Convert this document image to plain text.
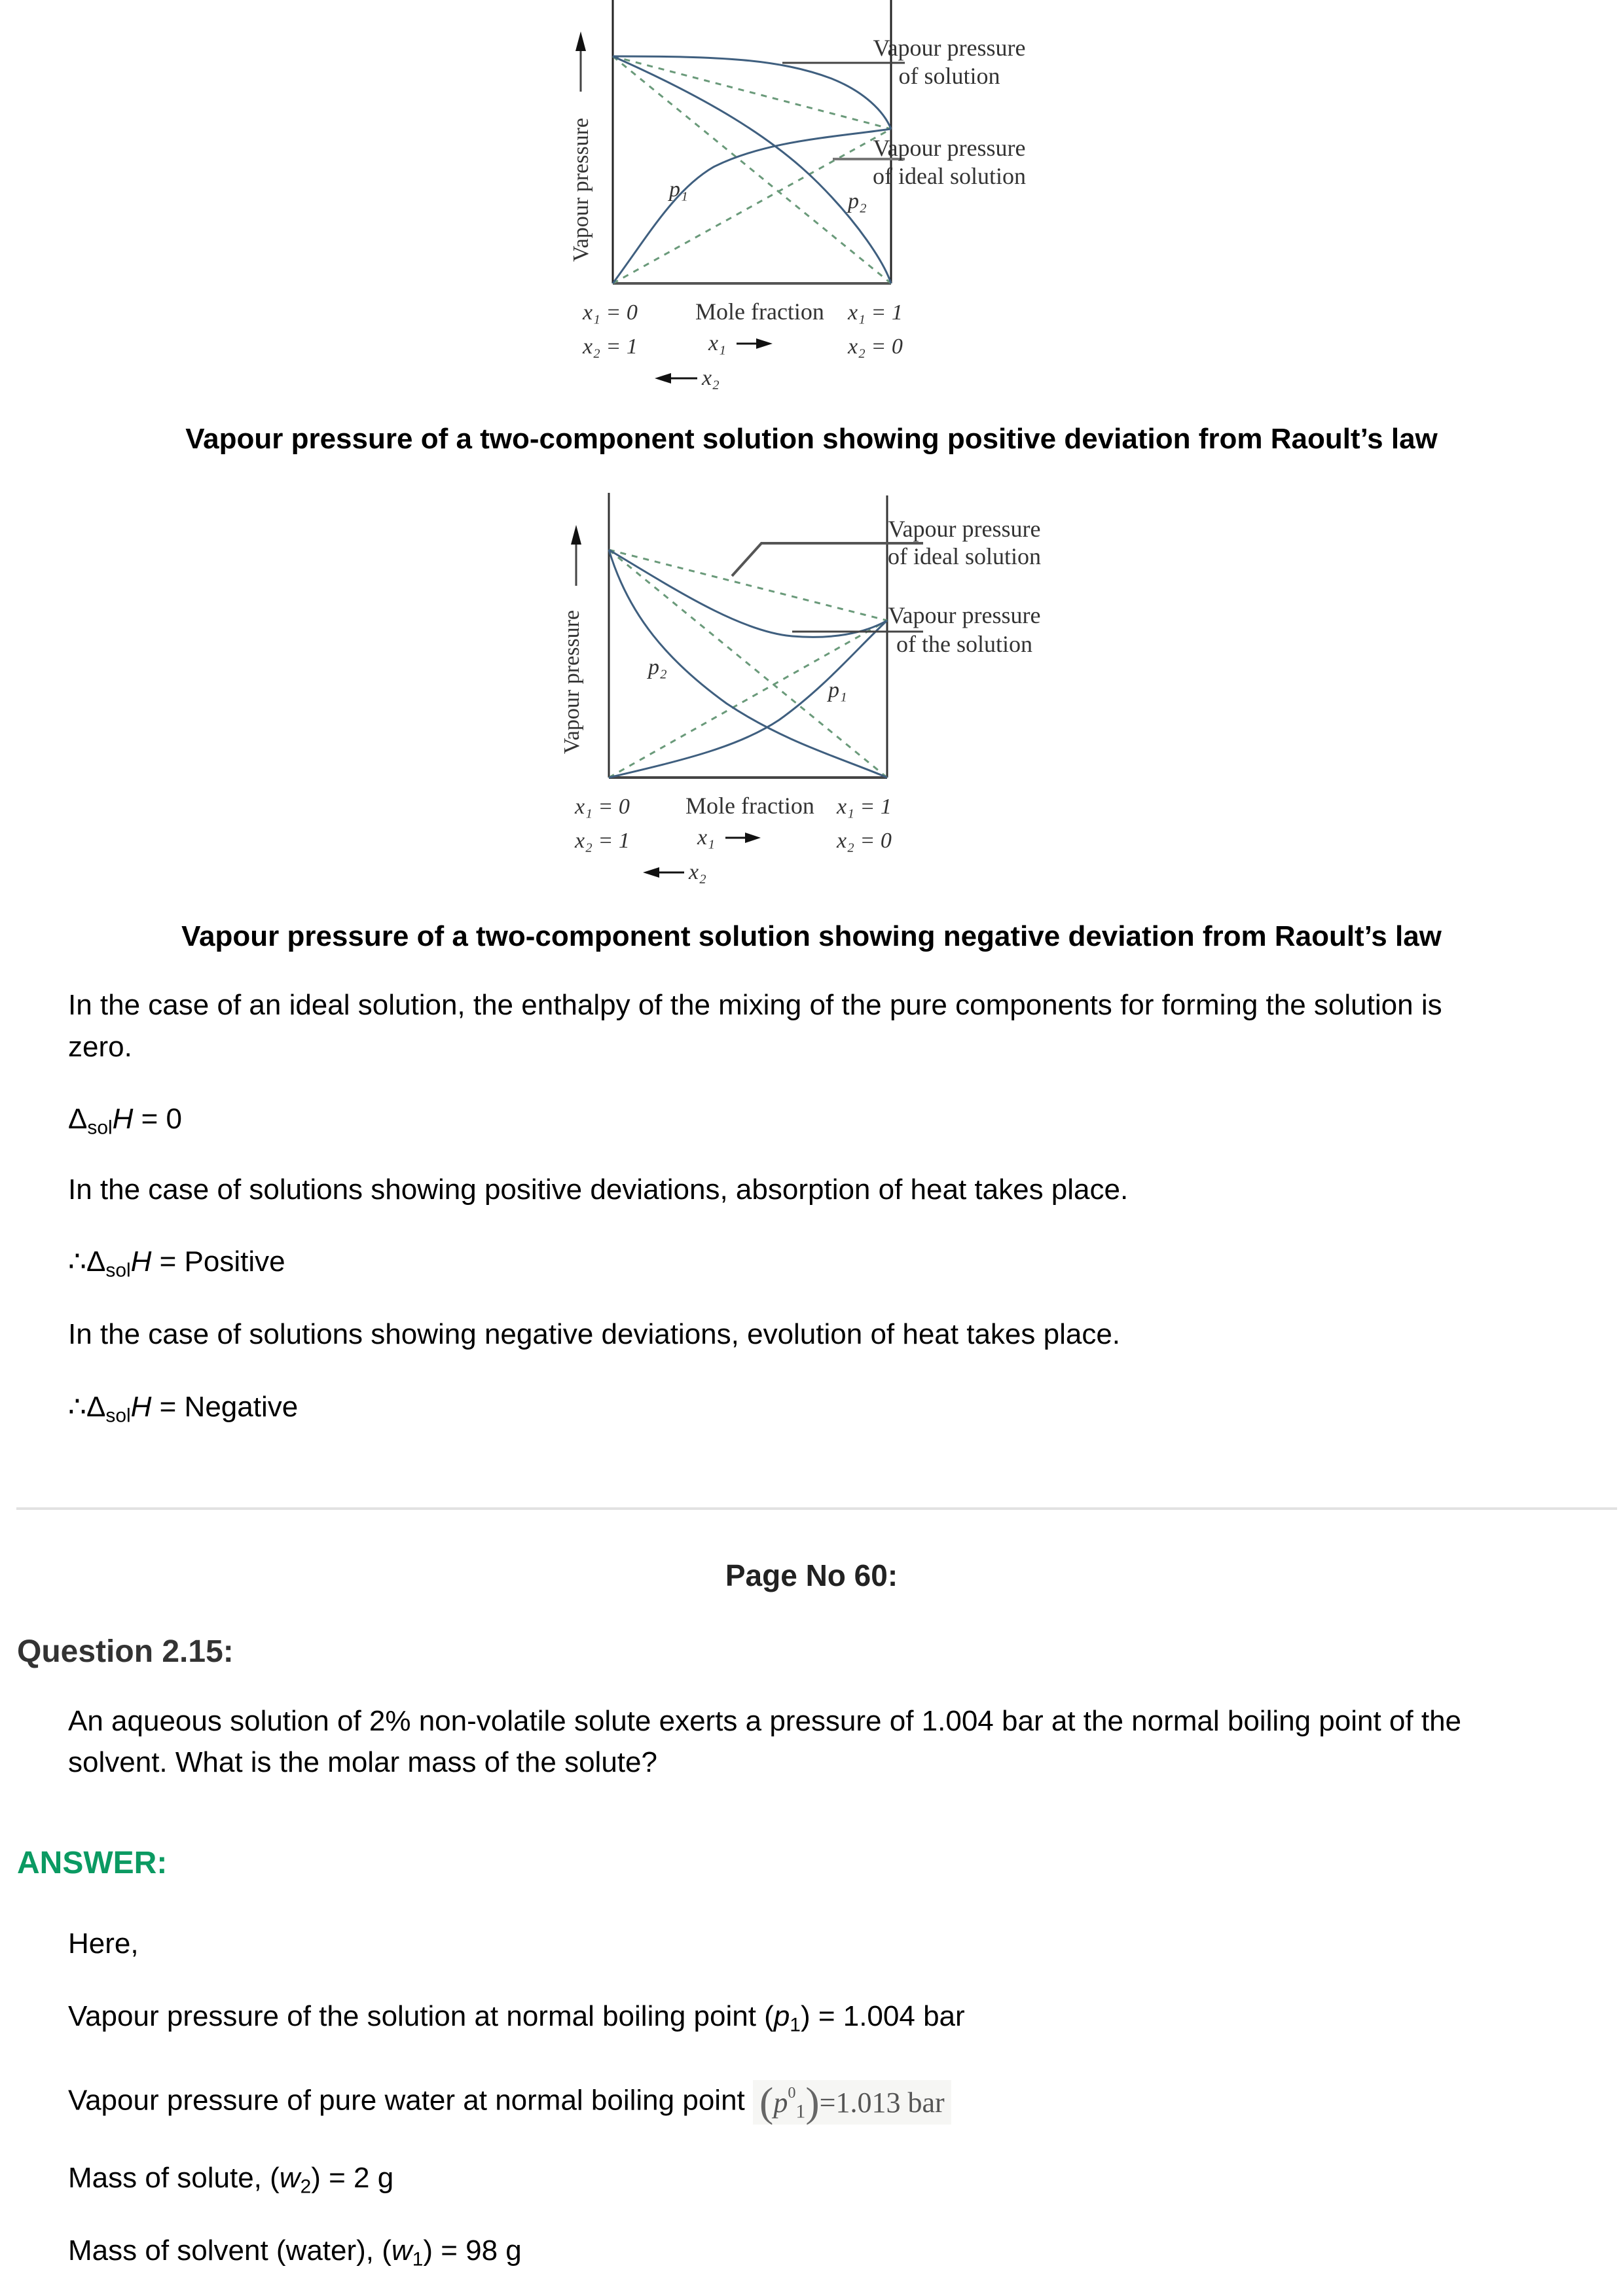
Vapour pressure	p₁	p₂
Vapour pressure
of solution
Vapour pressure
of ideal solution
x₁ = 0
x₂ = 1
Mole fraction
x₁
x₂
x₁ = 1
x₂ = 0
Vapour pressure of a two-component solution showing positive deviation from Raoult’s law
Vapour pressure	p₂
p₁
Vapour pressure
of ideal solution
Vapour pressure
of the solution
x₁ = 0
x₂ = 1
Mole fraction
x₁
x₂
x₁ = 1
x₂ = 0
Vapour pressure of a two-component solution showing negative deviation from Raoult’s law
In the case of an ideal solution, the enthalpy of the mixing of the pure components for forming the solution is
zero.
$\Delta_{sol}H = 0$
In the case of solutions showing positive deviations, absorption of heat takes place.
$\therefore\Delta_{sol}H$ = Positive
In the case of solutions showing negative deviations, evolution of heat takes place.
$\therefore\Delta_{sol}H$ = Negative
Page No 60:
Question 2.15:
An aqueous solution of 2% non-volatile solute exerts a pressure of 1.004 bar at the normal boiling point of the
solvent. What is the molar mass of the solute?
ANSWER:
Here,
Vapour pressure of the solution at normal boiling point $(p_1) = 1.004$ bar
Vapour pressure of pure water at normal boiling point $(p^0_1)=1.013$ bar
Mass of solute, $(w_2) = 2$ g
Mass of solvent (water), $(w_1) = 98$ g
